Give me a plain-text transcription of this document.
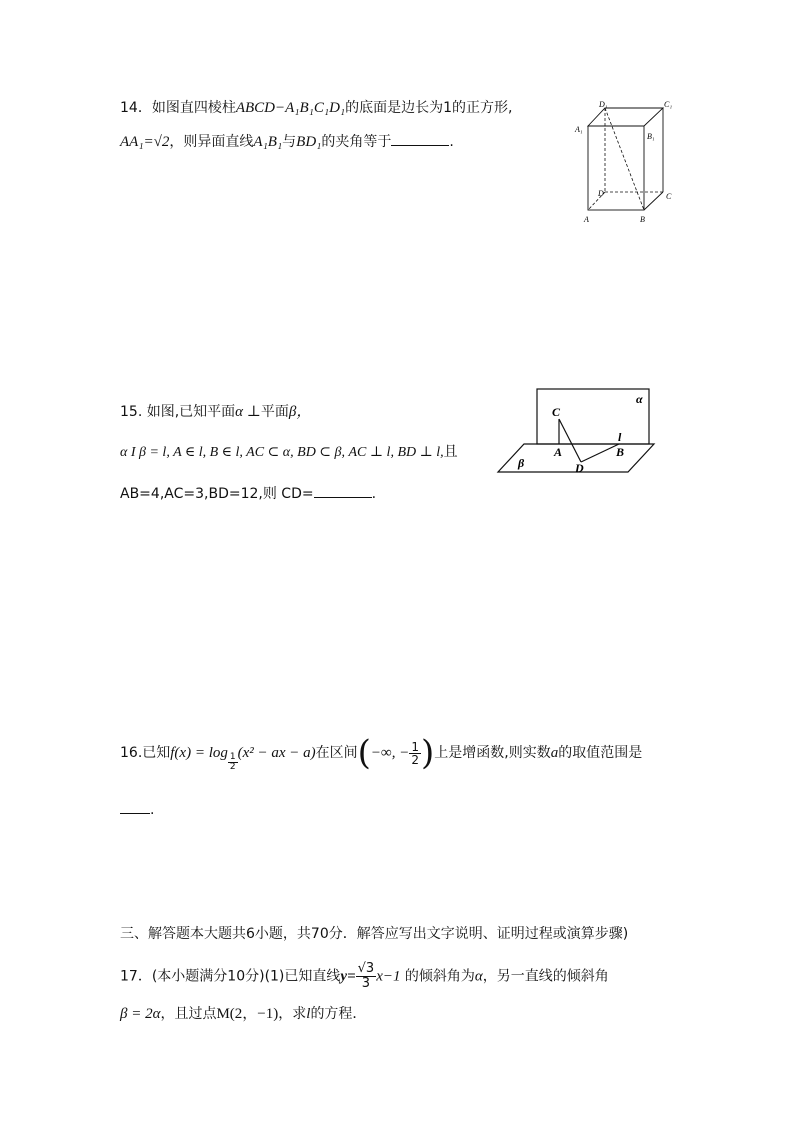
14．如图直四棱柱ABCD−A₁B₁C₁D₁的底面是边长为1的正方形,
AA₁=√2，则异面直线A₁B₁与BD₁的夹角等于	.
D₁	C₁
A₁
B₁
D	C
A	B
15. 如图,已知平面α ⊥平面β，
α I β = l, A ∈ l, B ∈ l, AC ⊂ α, BD ⊂ β, AC ⊥ l, BD ⊥ l,且
AB=4,AC=3,BD=12,则 CD=	.
α
β
C
A	B
D
l
16.已知$f(x) = \log \frac{1}{2} (x^2$ − ax − a)在区间(−∞, − $\frac{1}{2}$ )上是增函数,则实数a的取值范围是
.
三、解答题本大题共6小题，共70分．解答应写出文字说明、证明过程或演算步骤)
17．(本小题满分10分)(1)已知直线$y= \frac{√3}{3} x-1$ 的倾斜角为α，另一直线的倾斜角
β = 2α，且过点M(2，−1)，求l的方程．
